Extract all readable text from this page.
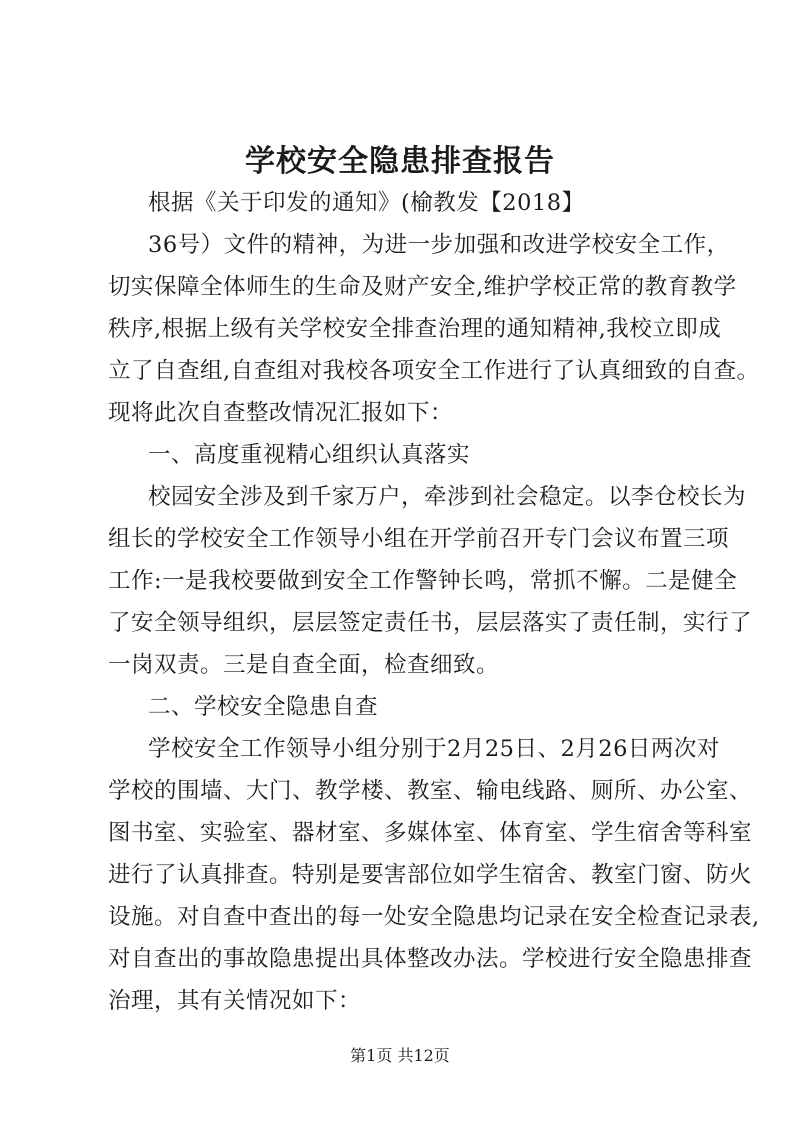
学校安全隐患排查报告
根据《关于印发的通知》(榆教发【2018】
36号）文件的精神，为进一步加强和改进学校安全工作，
切实保障全体师生的生命及财产安全,维护学校正常的教育教学
秩序,根据上级有关学校安全排查治理的通知精神,我校立即成
立了自查组,自查组对我校各项安全工作进行了认真细致的自查。
现将此次自查整改情况汇报如下：
一、高度重视精心组织认真落实
校园安全涉及到千家万户，牵涉到社会稳定。以李仓校长为
组长的学校安全工作领导小组在开学前召开专门会议布置三项
工作:一是我校要做到安全工作警钟长鸣，常抓不懈。二是健全
了安全领导组织，层层签定责任书，层层落实了责任制，实行了
一岗双责。三是自查全面，检查细致。
二、学校安全隐患自查
学校安全工作领导小组分别于2月25日、2月26日两次对
学校的围墙、大门、教学楼、教室、输电线路、厕所、办公室、
图书室、实验室、器材室、多媒体室、体育室、学生宿舍等科室
进行了认真排查。特别是要害部位如学生宿舍、教室门窗、防火
设施。对自查中查出的每一处安全隐患均记录在安全检查记录表,
对自查出的事故隐患提出具体整改办法。学校进行安全隐患排查
治理，其有关情况如下：
第1页 共12页
